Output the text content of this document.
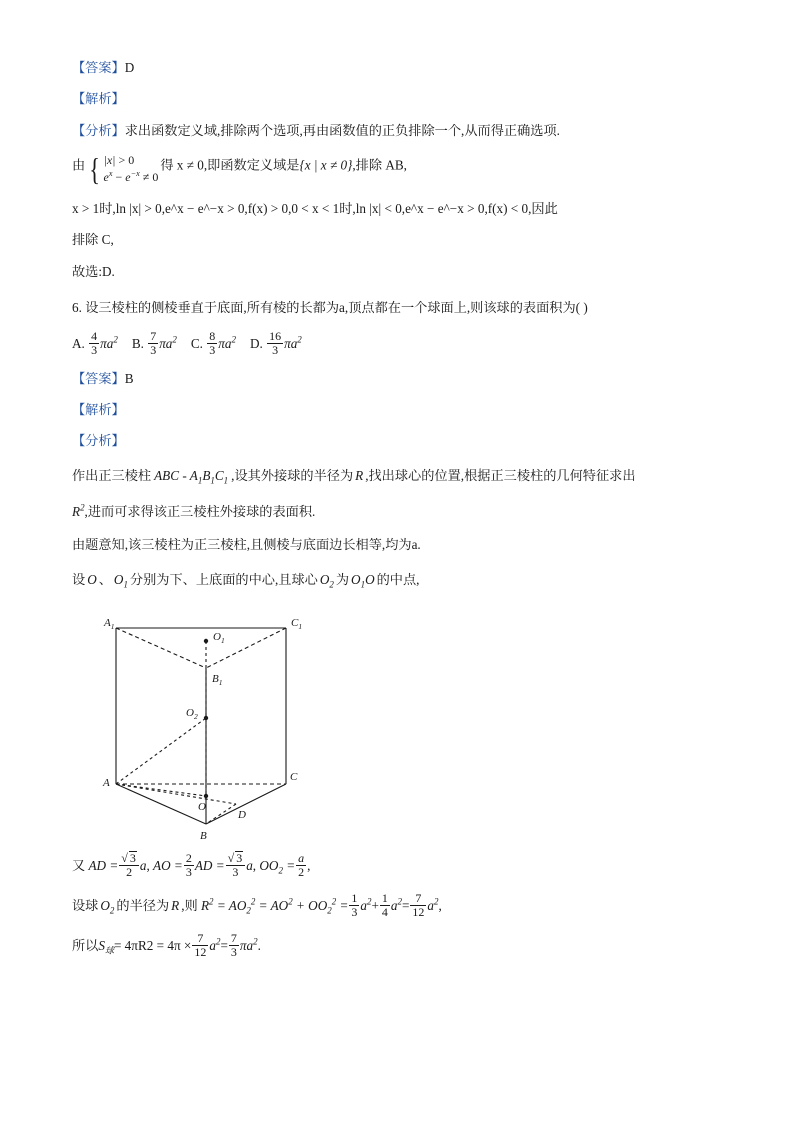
【答案】D

【解析】

【分析】求出函数定义域,排除两个选项,再由函数值的正负排除一个,从而得正确选项.

由 { |x| > 0
$e^x - e^{-x} \ne 0$
得 x ≠ 0,即函数定义域是{x | x ≠ 0},排除 AB,

x > 1时,ln |x| > 0,e^x − e^−x > 0,f(x) > 0,0 < x < 1时,ln |x| < 0,e^x − e^−x > 0,f(x) < 0,因此

排除 C,

故选:D.

6. 设三棱柱的侧棱垂直于底面,所有棱的长都为a,顶点都在一个球面上,则该球的表面积为( )

A. $\frac{4}{3} \pi a^2$ B. $\frac{7}{3} \pi a^2$ C. $\frac{8}{3} \pi a^2$ D. $\frac{16}{3} \pi a^2$

【答案】B

【解析】

【分析】

作出正三棱柱 ABC - $A_1B_1C_1$ ,设其外接球的半径为 R ,找出球心的位置,根据正三棱柱的几何特征求出

$R^2$,进而可求得该正三棱柱外接球的表面积.

由题意知,该三棱柱为正三棱柱,且侧棱与底面边长相等,均为a.

设 O 、 $O_1$ 分别为下、上底面的中心,且球心 $O_2$ 为 $O_1O$ 的中点,

$A_1$	$C_1$
$O_1$
$B_1$
$O_2$
A	C
O
D
B

又 AD = $\frac{√ 3}{2} a$, AO = $\frac{2}{3}$ AD = $\frac{√ 3}{3} a$, $OO_2 = \frac{a}{2}$ ,

设球 $O_2$ 的半径为 R ,则 $R^2 = AO_2^2 = AO^2 + OO_2^2 = \frac{1}{3} a^2+ \frac{1}{4} a^2= \frac{7}{12} a^2$,

所以$S_球= 4\pi R2 = 4\pi \times \frac{7}{12} a^2= \frac{7}{3} \pi a^2$.
